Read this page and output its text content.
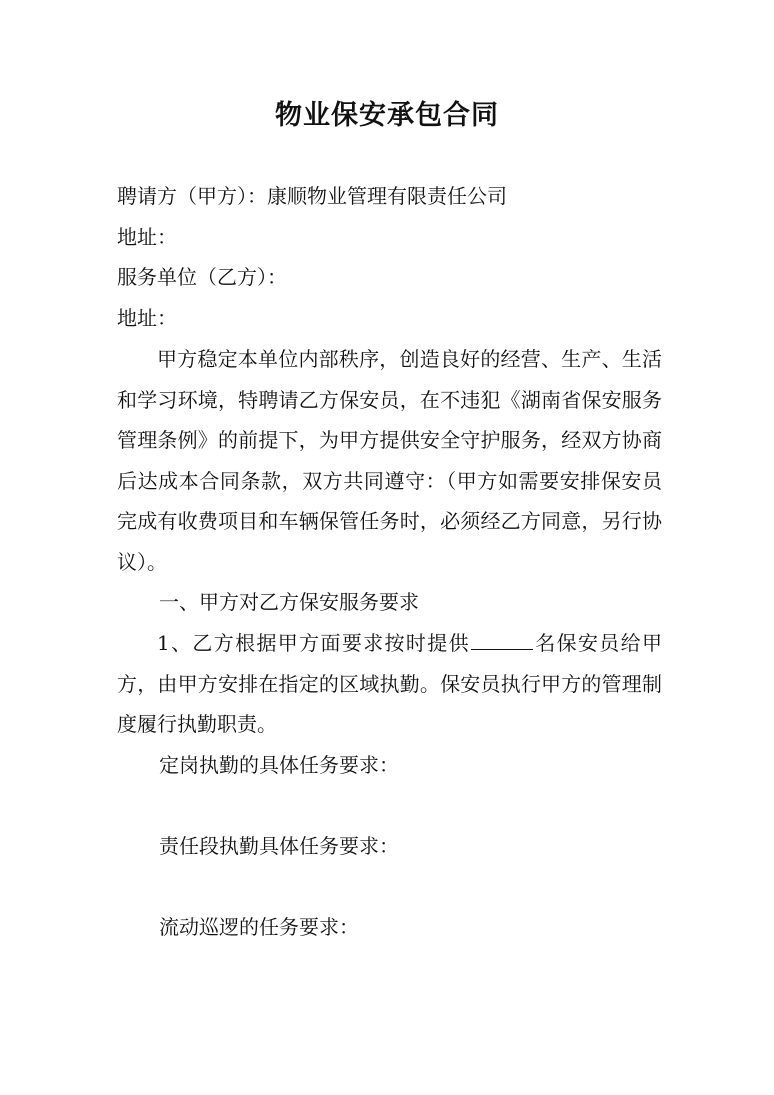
物业保安承包合同
聘请方（甲方）：康顺物业管理有限责任公司
地址：
服务单位（乙方）：
地址：
甲方稳定本单位内部秩序，创造良好的经营、生产、生活和学习环境，特聘请乙方保安员，在不违犯《湖南省保安服务管理条例》的前提下，为甲方提供安全守护服务，经双方协商后达成本合同条款，双方共同遵守：（甲方如需要安排保安员完成有收费项目和车辆保管任务时，必须经乙方同意，另行协议）。
一、甲方对乙方保安服务要求
1、乙方根据甲方面要求按时提供	名保安员给甲方，由甲方安排在指定的区域执勤。保安员执行甲方的管理制度履行执勤职责。
定岗执勤的具体任务要求：
责任段执勤具体任务要求：
流动巡逻的任务要求：
